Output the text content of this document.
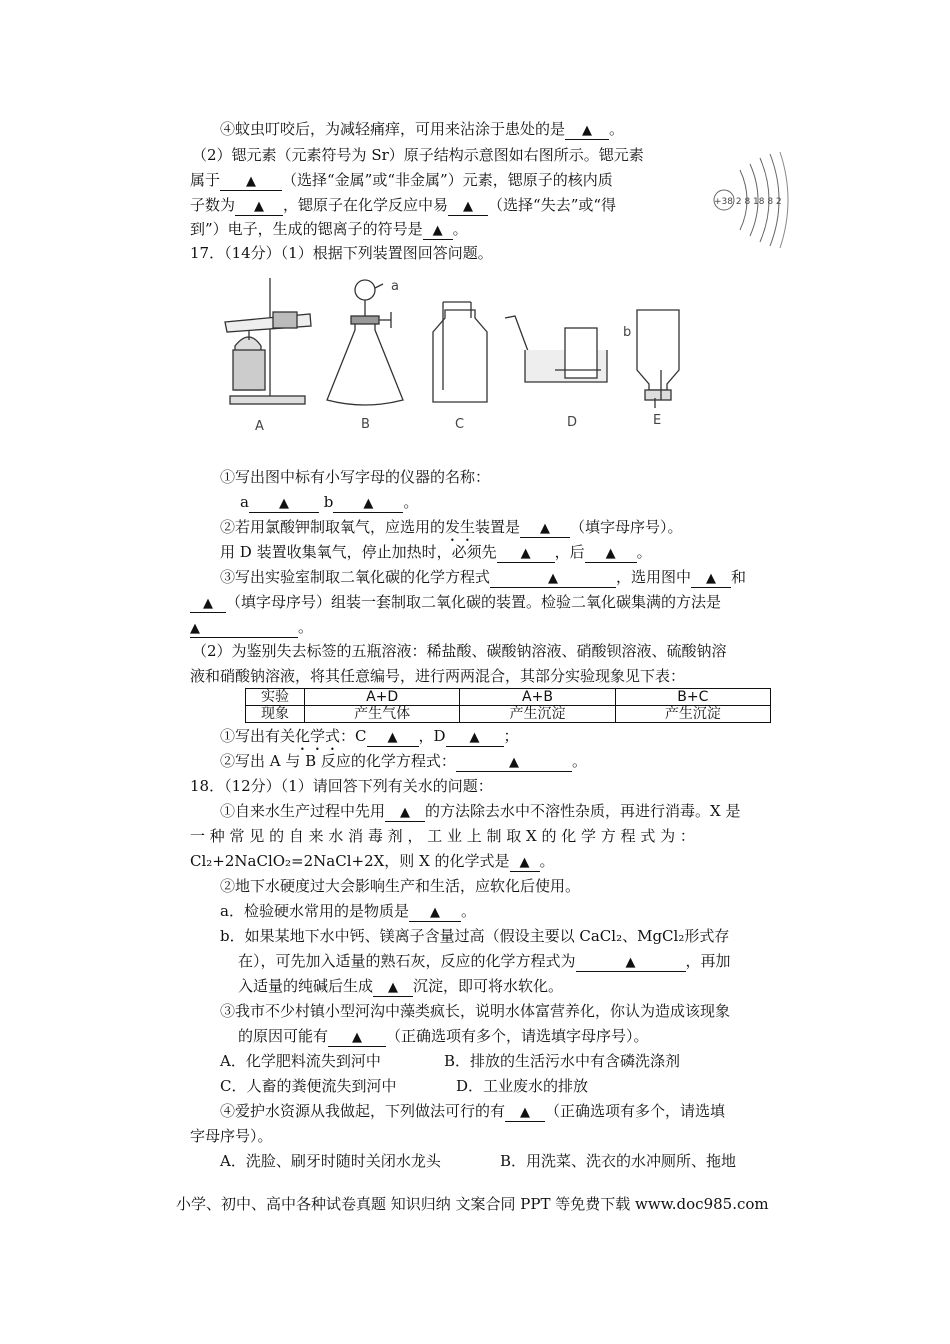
④蚊虫叮咬后，为减轻痛痒，可用来沾涂于患处的是 ▲ 。
（2）锶元素（元素符号为 Sr）原子结构示意图如右图所示。锶元素
属于 ▲ （选择“金属”或“非金属”）元素，锶原子的核内质
子数为 ▲ ，锶原子在化学反应中易 ▲ （选择“失去”或“得
到”）电子，生成的锶离子的符号是 ▲ 。
+38 2 8 18 8 2
17．（14分）（1）根据下列装置图回答问题。
a
b
A	B	C	D	E
①写出图中标有小写字母的仪器的名称：
a ▲ b ▲ 。
②若用氯酸钾制取氧气，应选用的发生装置是 ▲ （填字母序号）。
用 D 装置收集氧气，停止加热时，必须先 ▲ ，后 ▲ 。
③写出实验室制取二氧化碳的化学方程式	▲	，选用图中 ▲ 和
▲ （填字母序号）组装一套制取二氧化碳的装置。检验二氧化碳集满的方法是
▲	。
（2）为鉴别失去标签的五瓶溶液：稀盐酸、碳酸钠溶液、硝酸钡溶液、硫酸钠溶
液和硝酸钠溶液，将其任意编号，进行两两混合，其部分实验现象见下表：
实验	A+D	A+B	B+C
现象	产生气体	产生沉淀	产生沉淀
①写出有关化学式：C ▲ ，D ▲ ；
②写出 A 与 B 反应的化学方程式：	▲	。
18．（12分）（1）请回答下列有关水的问题：
①自来水生产过程中先用 ▲ 的方法除去水中不溶性杂质，再进行消毒。X 是
一 种 常 见 的 自 来 水 消 毒 剂 ， 工 业 上 制 取 X 的 化 学 方 程 式 为 ：
Cl₂+2NaClO₂=2NaCl+2X，则 X 的化学式是 ▲ 。
②地下水硬度过大会影响生产和生活，应软化后使用。
a．检验硬水常用的是物质是 ▲ 。
b．如果某地下水中钙、镁离子含量过高（假设主要以 CaCl₂、MgCl₂形式存
在），可先加入适量的熟石灰，反应的化学方程式为	▲	，再加
入适量的纯碱后生成 ▲ 沉淀，即可将水软化。
③我市不少村镇小型河沟中藻类疯长，说明水体富营养化，你认为造成该现象
的原因可能有 ▲ （正确选项有多个，请选填字母序号）。
A．化学肥料流失到河中	B．排放的生活污水中有含磷洗涤剂
C．人畜的粪便流失到河中	D．工业废水的排放
④爱护水资源从我做起，下列做法可行的有 ▲ （正确选项有多个，请选填
字母序号）。
A．洗脸、刷牙时随时关闭水龙头	B．用洗菜、洗衣的水冲厕所、拖地
小学、初中、高中各种试卷真题 知识归纳 文案合同 PPT 等免费下载 www.doc985.com
